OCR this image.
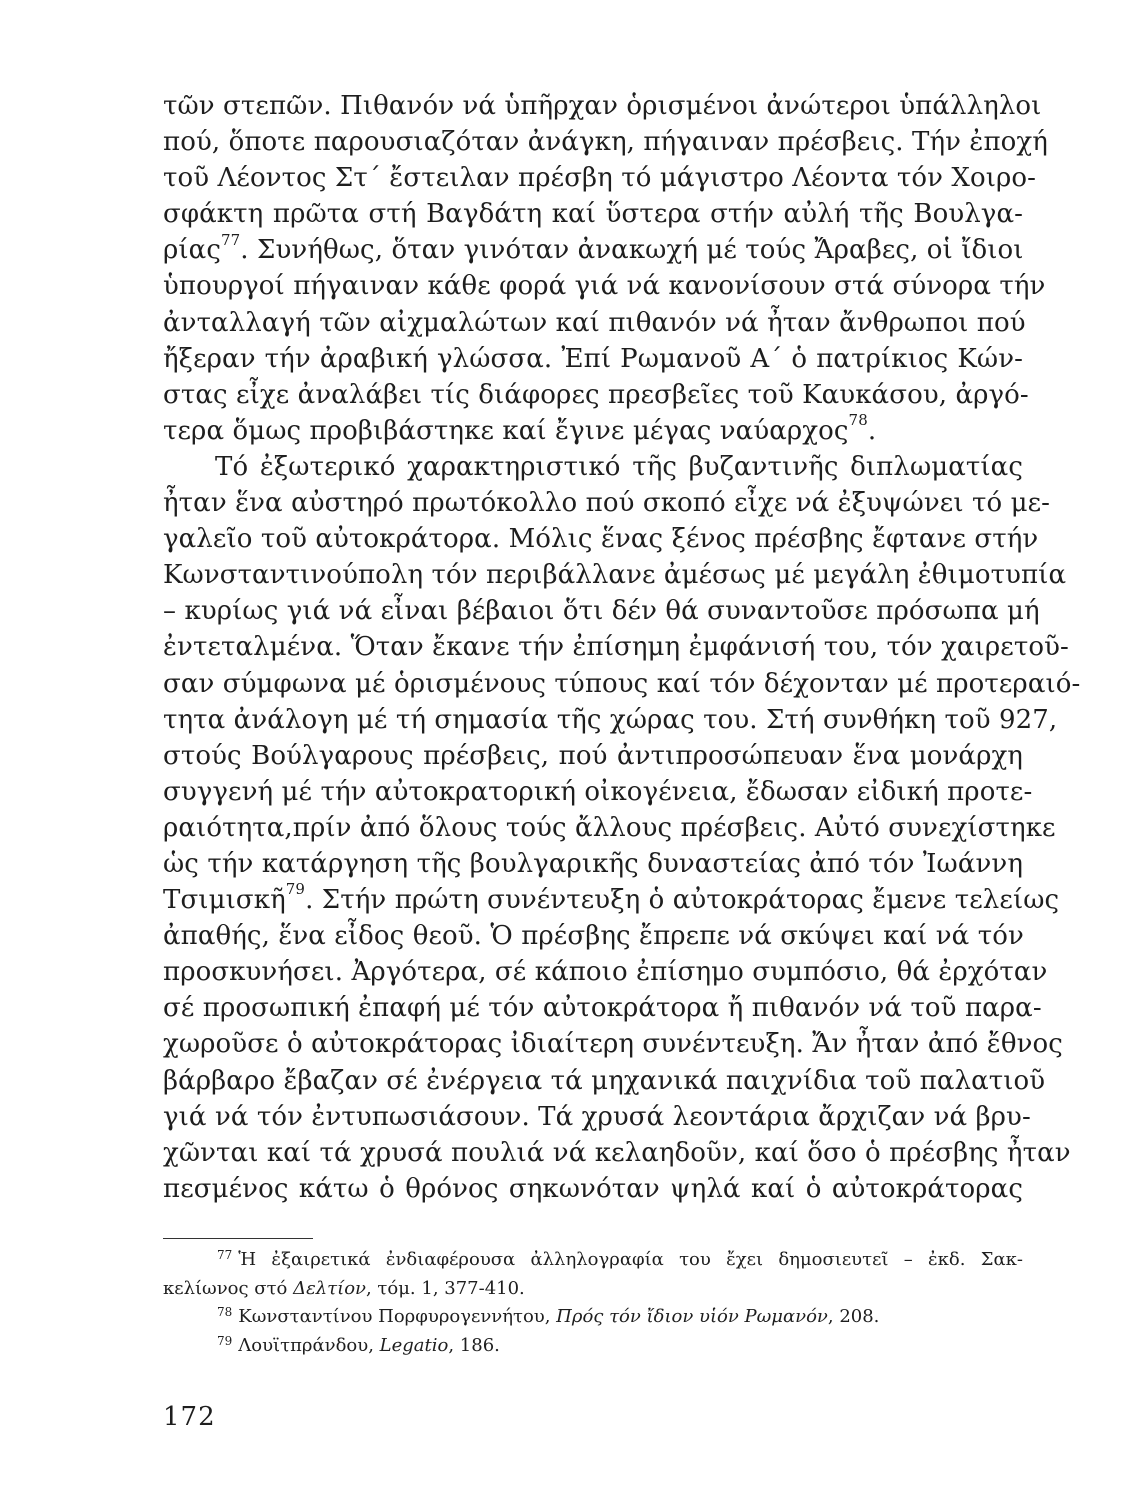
τῶν στεπῶν. Πιθανόν νά ὑπῆρχαν ὁρισμένοι ἀνώτεροι ὑπάλληλοι
πού, ὅποτε παρουσιαζόταν ἀνάγκη, πήγαιναν πρέσβεις. Τήν ἐποχή
τοῦ Λέοντος Στ΄ ἔστειλαν πρέσβη τό μάγιστρο Λέοντα τόν Χοιρο-
σφάκτη πρῶτα στή Βαγδάτη καί ὕστερα στήν αὐλή τῆς Βουλγα-
ρίας$^{77}$. Συνήθως, ὅταν γινόταν ἀνακωχή μέ τούς Ἄραβες, οἱ ἴδιοι
ὑπουργοί πήγαιναν κάθε φορά γιά νά κανονίσουν στά σύνορα τήν
ἀνταλλαγή τῶν αἰχμαλώτων καί πιθανόν νά ἦταν ἄνθρωποι πού
ἤξεραν τήν ἀραβική γλώσσα. Ἐπί Ρωμανοῦ Α΄ ὁ πατρίκιος Κών-
στας εἶχε ἀναλάβει τίς διάφορες πρεσβεῖες τοῦ Καυκάσου, ἀργό-
τερα ὅμως προβιβάστηκε καί ἔγινε μέγας ναύαρχος$^{78}$.
Τό ἐξωτερικό χαρακτηριστικό τῆς βυζαντινῆς διπλωματίας
ἦταν ἕνα αὐστηρό πρωτόκολλο πού σκοπό εἶχε νά ἐξυψώνει τό με-
γαλεῖο τοῦ αὐτοκράτορα. Μόλις ἕνας ξένος πρέσβης ἔφτανε στήν
Κωνσταντινούπολη τόν περιβάλλανε ἀμέσως μέ μεγάλη ἐθιμοτυπία
– κυρίως γιά νά εἶναι βέβαιοι ὅτι δέν θά συναντοῦσε πρόσωπα μή
ἐντεταλμένα. Ὅταν ἔκανε τήν ἐπίσημη ἐμφάνισή του, τόν χαιρετοῦ-
σαν σύμφωνα μέ ὁρισμένους τύπους καί τόν δέχονταν μέ προτεραιό-
τητα ἀνάλογη μέ τή σημασία τῆς χώρας του. Στή συνθήκη τοῦ 927,
στούς Βούλγαρους πρέσβεις, πού ἀντιπροσώπευαν ἕνα μονάρχη
συγγενή μέ τήν αὐτοκρατορική οἰκογένεια, ἔδωσαν εἰδική προτε-
ραιότητα,πρίν ἀπό ὅλους τούς ἄλλους πρέσβεις. Αὐτό συνεχίστηκε
ὡς τήν κατάργηση τῆς βουλγαρικῆς δυναστείας ἀπό τόν Ἰωάννη
Τσιμισκῆ$^{79}$. Στήν πρώτη συνέντευξη ὁ αὐτοκράτορας ἔμενε τελείως
ἀπαθής, ἕνα εἶδος θεοῦ. Ὁ πρέσβης ἔπρεπε νά σκύψει καί νά τόν
προσκυνήσει. Ἀργότερα, σέ κάποιο ἐπίσημο συμπόσιο, θά ἐρχόταν
σέ προσωπική ἐπαφή μέ τόν αὐτοκράτορα ἤ πιθανόν νά τοῦ παρα-
χωροῦσε ὁ αὐτοκράτορας ἰδιαίτερη συνέντευξη. Ἄν ἦταν ἀπό ἔθνος
βάρβαρο ἔβαζαν σέ ἐνέργεια τά μηχανικά παιχνίδια τοῦ παλατιοῦ
γιά νά τόν ἐντυπωσιάσουν. Τά χρυσά λεοντάρια ἄρχιζαν νά βρυ-
χῶνται καί τά χρυσά πουλιά νά κελαηδοῦν, καί ὅσο ὁ πρέσβης ἦταν
πεσμένος κάτω ὁ θρόνος σηκωνόταν ψηλά καί ὁ αὐτοκράτορας
$^{77}$ Ἡ ἐξαιρετικά ἐνδιαφέρουσα ἀλληλογραφία του ἔχει δημοσιευτεῖ – ἐκδ. Σακ-
κελίωνος στό Δελτίον, τόμ. 1, 377-410.
$^{78}$ Κωνσταντίνου Πορφυρογεννήτου, Πρός τόν ἴδιον υἱόν Ρωμανόν, 208.
$^{79}$ Λουϊτπράνδου, Legatio, 186.
172
